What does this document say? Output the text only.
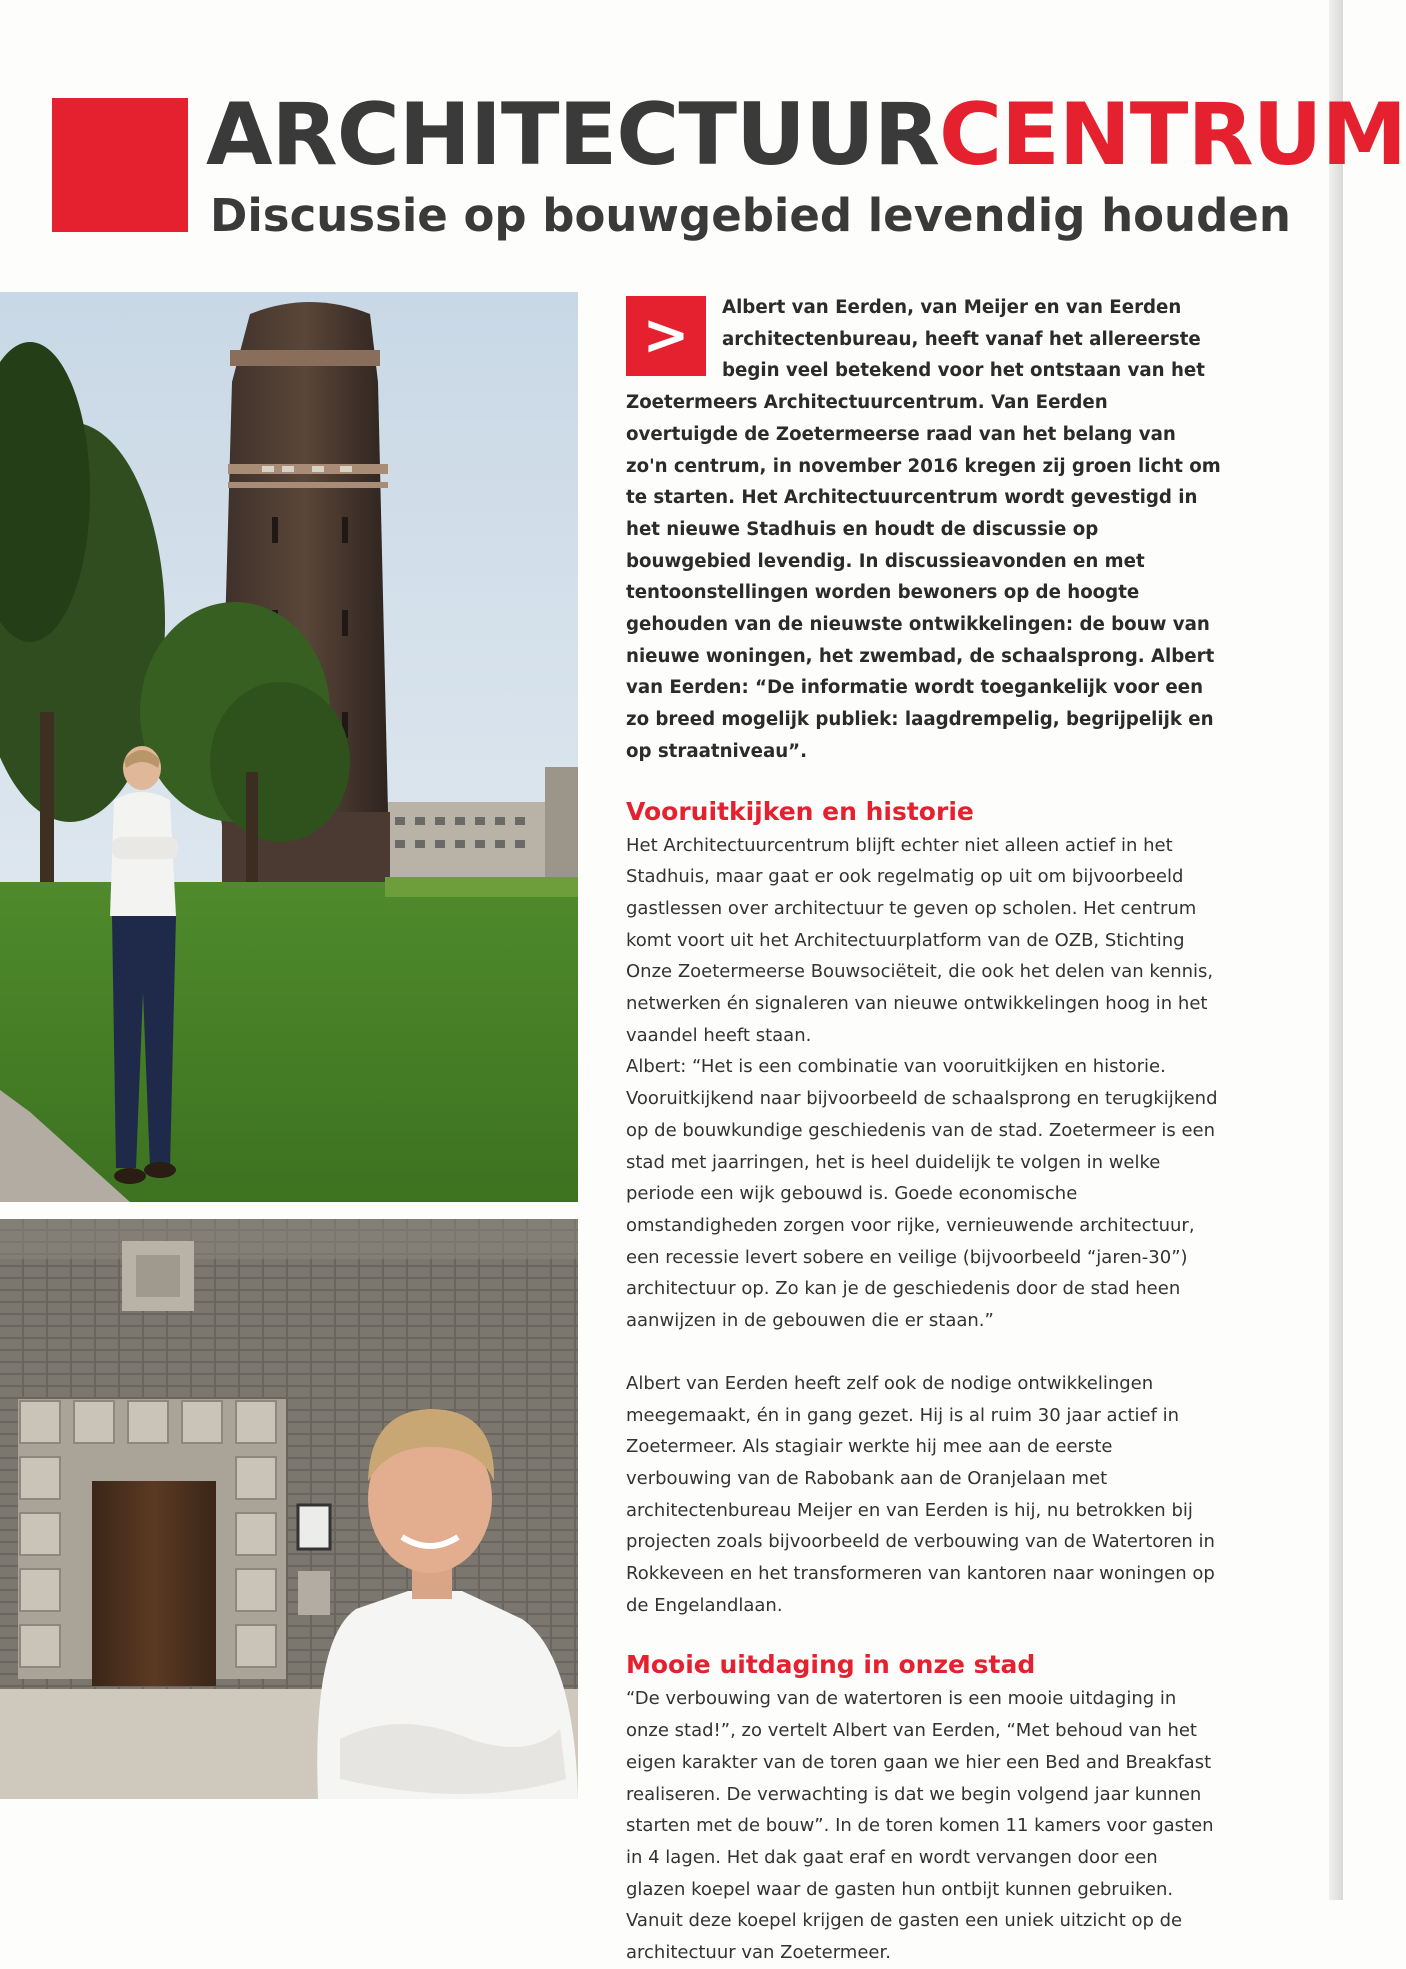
ARCHITECTUURCENTRUM
Discussie op bouwgebied levendig houden
>	Albert van Eerden, van Meijer en van Eerden architectenbureau, heeft vanaf het allereerste begin veel betekend voor het ontstaan van het Zoetermeers Architectuurcentrum. Van Eerden overtuigde de Zoetermeerse raad van het belang van zo'n centrum, in november 2016 kregen zij groen licht om te starten. Het Architectuurcentrum wordt gevestigd in het nieuwe Stadhuis en houdt de discussie op bouwgebied levendig. In discussieavonden en met tentoonstellingen worden bewoners op de hoogte gehouden van de nieuwste ontwikkelingen: de bouw van nieuwe woningen, het zwembad, de schaalsprong. Albert van Eerden: “De informatie wordt toegankelijk voor een zo breed mogelijk publiek: laagdrempelig, begrijpelijk en op straatniveau”.

Vooruitkijken en historie

Het Architectuurcentrum blijft echter niet alleen actief in het Stadhuis, maar gaat er ook regelmatig op uit om bijvoorbeeld gastlessen over architectuur te geven op scholen. Het centrum komt voort uit het Architectuurplatform van de OZB, Stichting Onze Zoetermeerse Bouwsociëteit, die ook het delen van kennis, netwerken én signaleren van nieuwe ontwikkelingen hoog in het vaandel heeft staan.

Albert: “Het is een combinatie van vooruitkijken en historie. Vooruitkijkend naar bijvoorbeeld de schaalsprong en terugkijkend op de bouwkundige geschiedenis van de stad. Zoetermeer is een stad met jaarringen, het is heel duidelijk te volgen in welke periode een wijk gebouwd is. Goede economische omstandigheden zorgen voor rijke, vernieuwende architectuur, een recessie levert sobere en veilige (bijvoorbeeld “jaren-30”) architectuur op. Zo kan je de geschiedenis door de stad heen aanwijzen in de gebouwen die er staan.”

Albert van Eerden heeft zelf ook de nodige ontwikkelingen meegemaakt, én in gang gezet. Hij is al ruim 30 jaar actief in Zoetermeer. Als stagiair werkte hij mee aan de eerste verbouwing van de Rabobank aan de Oranjelaan met architectenbureau Meijer en van Eerden is hij, nu betrokken bij projecten zoals bijvoorbeeld de verbouwing van de Watertoren in Rokkeveen en het transformeren van kantoren naar woningen op de Engelandlaan.

Mooie uitdaging in onze stad

“De verbouwing van de watertoren is een mooie uitdaging in onze stad!”, zo vertelt Albert van Eerden, “Met behoud van het eigen karakter van de toren gaan we hier een Bed and Breakfast realiseren. De verwachting is dat we begin volgend jaar kunnen starten met de bouw”. In de toren komen 11 kamers voor gasten in 4 lagen. Het dak gaat eraf en wordt vervangen door een glazen koepel waar de gasten hun ontbijt kunnen gebruiken. Vanuit deze koepel krijgen de gasten een uniek uitzicht op de architectuur van Zoetermeer.
